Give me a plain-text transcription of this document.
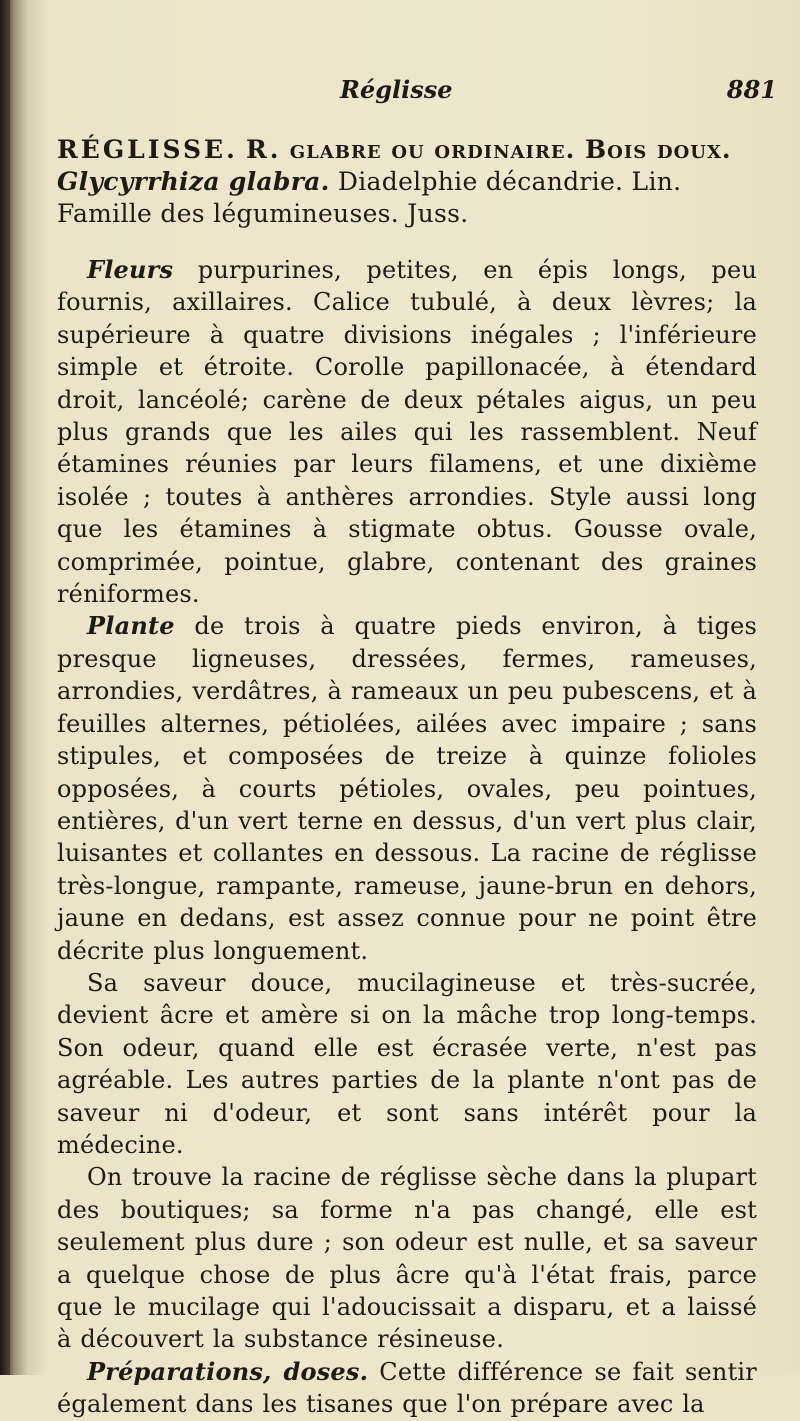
Réglisse	881
RÉGLISSE. R. glabre ou ordinaire. Bois doux.
Glycyrrhiza glabra. Diadelphie décandrie. Lin.
Famille des légumineuses. Juss.

Fleurs purpurines, petites, en épis longs, peu fournis, axillaires. Calice tubulé, à deux lèvres; la supérieure à quatre divisions inégales ; l'inférieure simple et étroite. Corolle papillonacée, à étendard droit, lancéolé; carène de deux pétales aigus, un peu plus grands que les ailes qui les rassemblent. Neuf étamines réunies par leurs filamens, et une dixième isolée ; toutes à anthères arrondies. Style aussi long que les étamines à stigmate obtus. Gousse ovale, comprimée, pointue, glabre, contenant des graines réniformes.

Plante de trois à quatre pieds environ, à tiges presque ligneuses, dressées, fermes, rameuses, arrondies, verdâtres, à rameaux un peu pubescens, et à feuilles alternes, pétiolées, ailées avec impaire ; sans stipules, et composées de treize à quinze folioles opposées, à courts pétioles, ovales, peu pointues, entières, d'un vert terne en dessus, d'un vert plus clair, luisantes et collantes en dessous. La racine de réglisse très-longue, rampante, rameuse, jaune-brun en dehors, jaune en dedans, est assez connue pour ne point être décrite plus longuement.

Sa saveur douce, mucilagineuse et très-sucrée, devient âcre et amère si on la mâche trop long-temps. Son odeur, quand elle est écrasée verte, n'est pas agréable. Les autres parties de la plante n'ont pas de saveur ni d'odeur, et sont sans intérêt pour la médecine.

On trouve la racine de réglisse sèche dans la plupart des boutiques; sa forme n'a pas changé, elle est seulement plus dure ; son odeur est nulle, et sa saveur a quelque chose de plus âcre qu'à l'état frais, parce que le mucilage qui l'adoucissait a disparu, et a laissé à découvert la substance résineuse.

Préparations, doses. Cette différence se fait sentir également dans les tisanes que l'on prépare avec la
